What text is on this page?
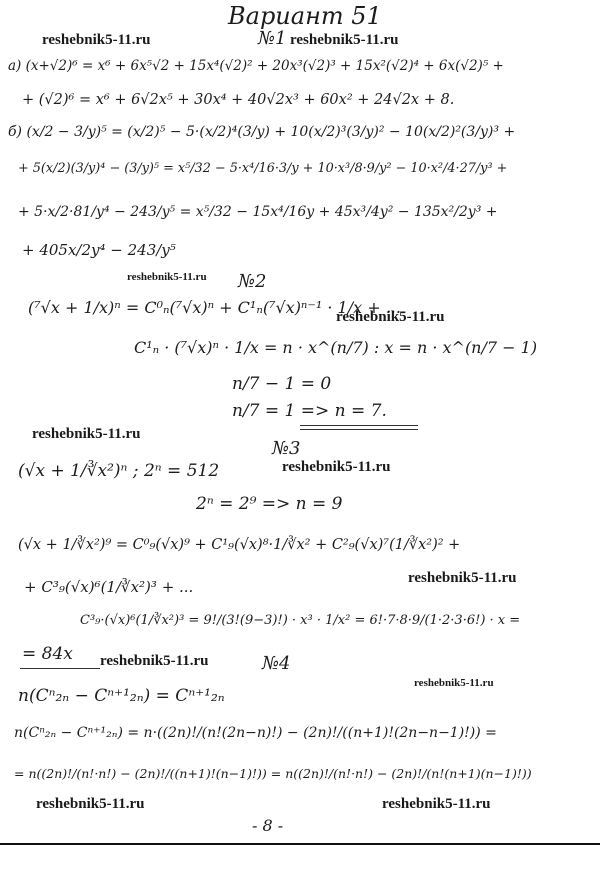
Вариант 51
№1
а) (x+√2)⁶ = x⁶ + 6x⁵√2 + 15x⁴(√2)² + 20x³(√2)³ + 15x²(√2)⁴ + 6x(√2)⁵ +
+ (√2)⁶ = x⁶ + 6√2x⁵ + 30x⁴ + 40√2x³ + 60x² + 24√2x + 8.
б) (x/2 − 3/y)⁵ = (x/2)⁵ − 5·(x/2)⁴(3/y) + 10(x/2)³(3/y)² − 10(x/2)²(3/y)³ +
+ 5(x/2)(3/y)⁴ − (3/y)⁵ = x⁵/32 − 5·x⁴/16·3/y + 10·x³/8·9/y² − 10·x²/4·27/y³ +
+ 5·x/2·81/y⁴ − 243/y⁵ = x⁵/32 − 15x⁴/16y + 45x³/4y² − 135x²/2y³ +
+ 405x/2y⁴ − 243/y⁵
№2
(⁷√x + 1/x)ⁿ = C⁰ₙ(⁷√x)ⁿ + C¹ₙ(⁷√x)ⁿ⁻¹ · 1/x + ...
C¹ₙ · (⁷√x)ⁿ · 1/x = n · x^(n/7) : x = n · x^(n/7 − 1)
n/7 − 1 = 0
n/7 = 1 => n = 7.
№3
(√x + 1/∛x²)ⁿ ; 2ⁿ = 512
2ⁿ = 2⁹ => n = 9
(√x + 1/∛x²)⁹ = C⁰₉(√x)⁹ + C¹₉(√x)⁸·1/∛x² + C²₉(√x)⁷(1/∛x²)² +
+ C³₉(√x)⁶(1/∛x²)³ + ...
C³₉·(√x)⁶(1/∛x²)³ = 9!/(3!(9−3)!) · x³ · 1/x² = 6!·7·8·9/(1·2·3·6!) · x =
= 84x	№4
n(Cⁿ₂ₙ − Cⁿ⁺¹₂ₙ) = Cⁿ⁺¹₂ₙ
n(Cⁿ₂ₙ − Cⁿ⁺¹₂ₙ) = n·((2n)!/(n!(2n−n)!) − (2n)!/((n+1)!(2n−n−1)!)) =
= n((2n)!/(n!·n!) − (2n)!/((n+1)!(n−1)!)) = n((2n)!/(n!·n!) − (2n)!/(n!(n+1)(n−1)!))
- 8 -
reshebnik5-11.ru	reshebnik5-11.ru
reshebnik5-11.ru
reshebnik5-11.ru
reshebnik5-11.ru
reshebnik5-11.ru
reshebnik5-11.ru
reshebnik5-11.ru
reshebnik5-11.ru
reshebnik5-11.ru	reshebnik5-11.ru
